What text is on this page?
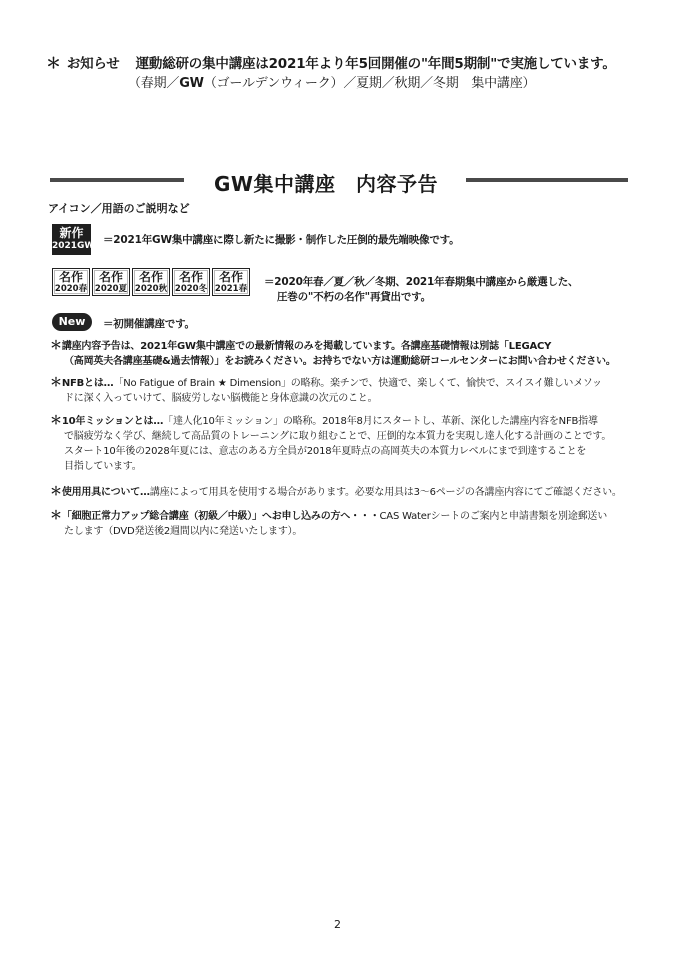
＊ お知らせ 運動総研の集中講座は2021年より年5回開催の"年間5期制"で実施しています。
（春期／GW（ゴールデンウィーク）／夏期／秋期／冬期　集中講座）
GW集中講座　内容予告
アイコン／用語のご説明など
新作
2021GW ＝2021年GW集中講座に際し新たに撮影・制作した圧倒的最先端映像です。
名作
2020春
名作
2020夏
名作
2020秋
名作
2020冬
名作
2021春
＝2020年春／夏／秋／冬期、2021年春期集中講座から厳選した、
圧巻の"不朽の名作"再貸出です。
New	＝初開催講座です。
＊講座内容予告は、2021年GW集中講座での最新情報のみを掲載しています。各講座基礎情報は別誌「LEGACY
（高岡英夫各講座基礎&過去情報）」をお読みください。お持ちでない方は運動総研コールセンターにお問い合わせください。
＊NFBとは…「No Fatigue of Brain ★ Dimension」の略称。楽チンで、快適で、楽しくて、愉快で、スイスイ難しいメソッ
ドに深く入っていけて、脳疲労しない脳機能と身体意識の次元のこと。
＊10年ミッションとは…「達人化10年ミッション」の略称。2018年8月にスタートし、革新、深化した講座内容をNFB指導
で脳疲労なく学び、継続して高品質のトレーニングに取り組むことで、圧倒的な本質力を実現し達人化する計画のことです。
スタート10年後の2028年夏には、意志のある方全員が2018年夏時点の高岡英夫の本質力レベルにまで到達することを
目指しています。
＊使用用具について…講座によって用具を使用する場合があります。必要な用具は3〜6ページの各講座内容にてご確認ください。
＊「細胞正常力アップ総合講座（初級／中級）」へお申し込みの方へ・・・CAS Waterシートのご案内と申請書類を別途郵送い
たします（DVD発送後2週間以内に発送いたします）。
2
